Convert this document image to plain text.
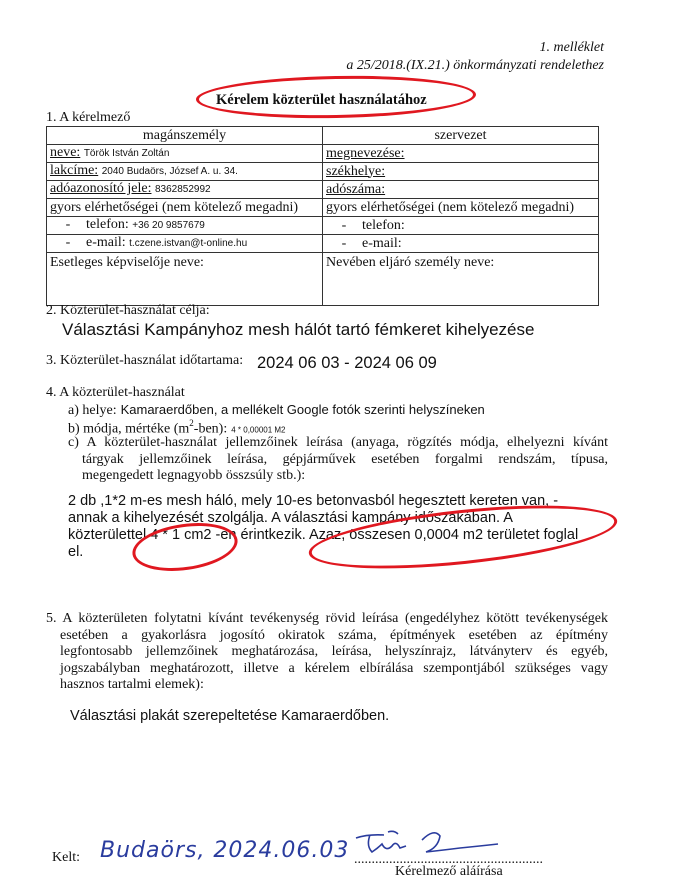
1. melléklet
a 25/2018.(IX.21.) önkormányzati rendelethez
Kérelem közterület használatához
1. A kérelmező
magánszemély	szervezet
neve: Török István Zoltán	megnevezése:
lakcíme: 2040 Budaörs, József A. u. 34.	székhelye:
adóazonosító jele: 8362852992	adószáma:
gyors elérhetőségei (nem kötelező megadni)	gyors elérhetőségei (nem kötelező megadni)
- telefon: +36 20 9857679	- telefon:
- e-mail: t.czene.istvan@t-online.hu	- e-mail:
Esetleges képviselője neve:	Nevében eljáró személy neve:
2. Közterület-használat célja:
Választási Kampányhoz mesh hálót tartó fémkeret kihelyezése
3. Közterület-használat időtartama: 2024 06 03 - 2024 06 09
4. A közterület-használat
a) helye: Kamaraerdőben, a mellékelt Google fotók szerinti helyszíneken
b) módja, mértéke $(m^2-ben)$: 4 * 0,00001 M2
c) A közterület-használat jellemzőinek leírása (anyaga, rögzítés módja, elhelyezni kívánt
tárgyak jellemzőinek leírása, gépjárművek esetében forgalmi rendszám, típusa,
megengedett legnagyobb összsúly stb.):
2 db ,1*2 m-es mesh háló, mely 10-es betonvasból hegesztett kereten van, -
annak a kihelyezését szolgálja. A választási kampány időszakában. A
közterülettel 4 * 1 cm2 -en érintkezik. Azaz, összesen 0,0004 m2 területet foglal
el.
5. A közterületen folytatni kívánt tevékenység rövid leírása (engedélyhez kötött tevékenységek
esetében a gyakorlásra jogosító okiratok száma, építmények esetében az építmény
legfontosabb jellemzőinek meghatározása, leírása, helyszínrajz, látványterv és egyéb,
jogszabályban meghatározott, illetve a kérelem elbírálása szempontjából szükséges vagy
hasznos tartalmi elemek):
Választási plakát szerepeltetése Kamaraerdőben.
Kelt: Budaörs, 2024.06.03 ......................................................
Kérelmező aláírása
